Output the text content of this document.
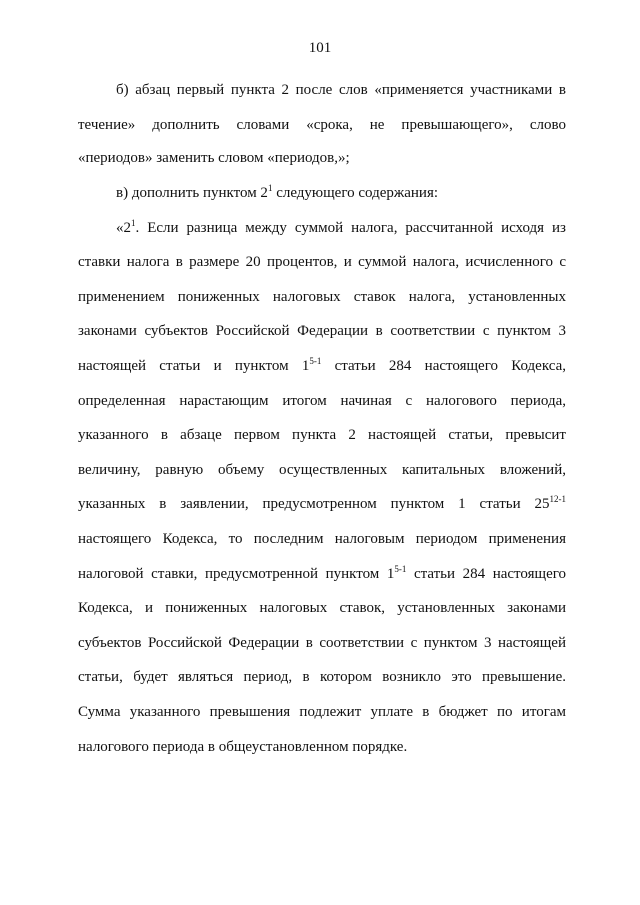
101
б) абзац первый пункта 2 после слов «применяется участниками в
течение» дополнить словами «срока, не превышающего», слово
«периодов» заменить словом «периодов,»;
в) дополнить пунктом $2^1$ следующего содержания:
«$2^1$. Если разница между суммой налога, рассчитанной исходя из
ставки налога в размере 20 процентов, и суммой налога, исчисленного с
применением пониженных налоговых ставок налога, установленных
законами субъектов Российской Федерации в соответствии с пунктом 3
настоящей статьи и пунктом 1$^{5-1}$ статьи 284 настоящего Кодекса,
определенная нарастающим итогом начиная с налогового периода,
указанного в абзаце первом пункта 2 настоящей статьи, превысит
величину, равную объему осуществленных капитальных вложений,
указанных в заявлении, предусмотренном пунктом 1 статьи 25$^{12-1}$
настоящего Кодекса, то последним налоговым периодом применения
налоговой ставки, предусмотренной пунктом 1$^{5-1}$ статьи 284 настоящего
Кодекса, и пониженных налоговых ставок, установленных законами
субъектов Российской Федерации в соответствии с пунктом 3 настоящей
статьи, будет являться период, в котором возникло это превышение.
Сумма указанного превышения подлежит уплате в бюджет по итогам
налогового периода в общеустановленном порядке.
